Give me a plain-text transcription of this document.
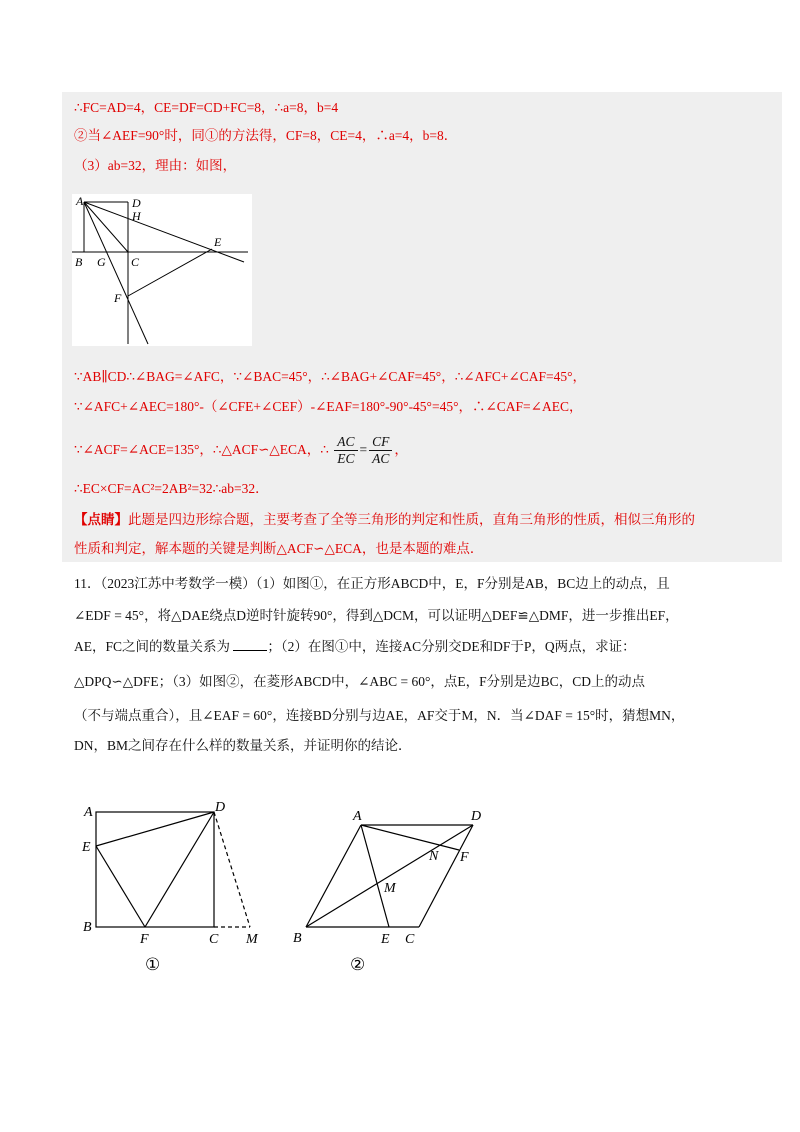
∴FC=AD=4，CE=DF=CD+FC=8，∴a=8，b=4
②当∠AEF=90°时，同①的方法得，CF=8，CE=4，∴a=4，b=8．
（3）ab=32，理由：如图，
A	D
H
E
B G C
F
∵AB∥CD∴∠BAG=∠AFC，∵∠BAC=45°，∴∠BAG+∠CAF=45°，∴∠AFC+∠CAF=45°，
∵∠AFC+∠AEC=180°-（∠CFE+∠CEF）-∠EAF=180°-90°-45°=45°，∴∠CAF=∠AEC，
∵∠ACF=∠ACE=135°，∴△ACF∽△ECA，∴ $\frac{AC}{EC} = \frac{CF}{AC}$ ，
∴EC×CF=AC²=2AB²=32∴ab=32．
【点睛】此题是四边形综合题，主要考查了全等三角形的判定和性质，直角三角形的性质，相似三角形的
性质和判定，解本题的关键是判断△ACF∽△ECA，也是本题的难点．
11．（2023江苏中考数学一模）（1）如图①，在正方形ABCD中，E，F分别是AB，BC边上的动点，且
∠EDF = 45°，将△DAE绕点D逆时针旋转90°，得到△DCM，可以证明△DEF≌△DMF，进一步推出EF，
AE，FC之间的数量关系为	；（2）在图①中，连接AC分别交DE和DF于P，Q两点，求证：
△DPQ∽△DFE；（3）如图②，在菱形ABCD中，∠ABC = 60°，点E，F分别是边BC，CD上的动点
（不与端点重合），且∠EAF = 60°，连接BD分别与边AE，AF交于M，N．当∠DAF = 15°时，猜想MN，
DN，BM之间存在什么样的数量关系，并证明你的结论．
A	D
E
B
F	C M
①
A	D
N F
M
B	E C
②
